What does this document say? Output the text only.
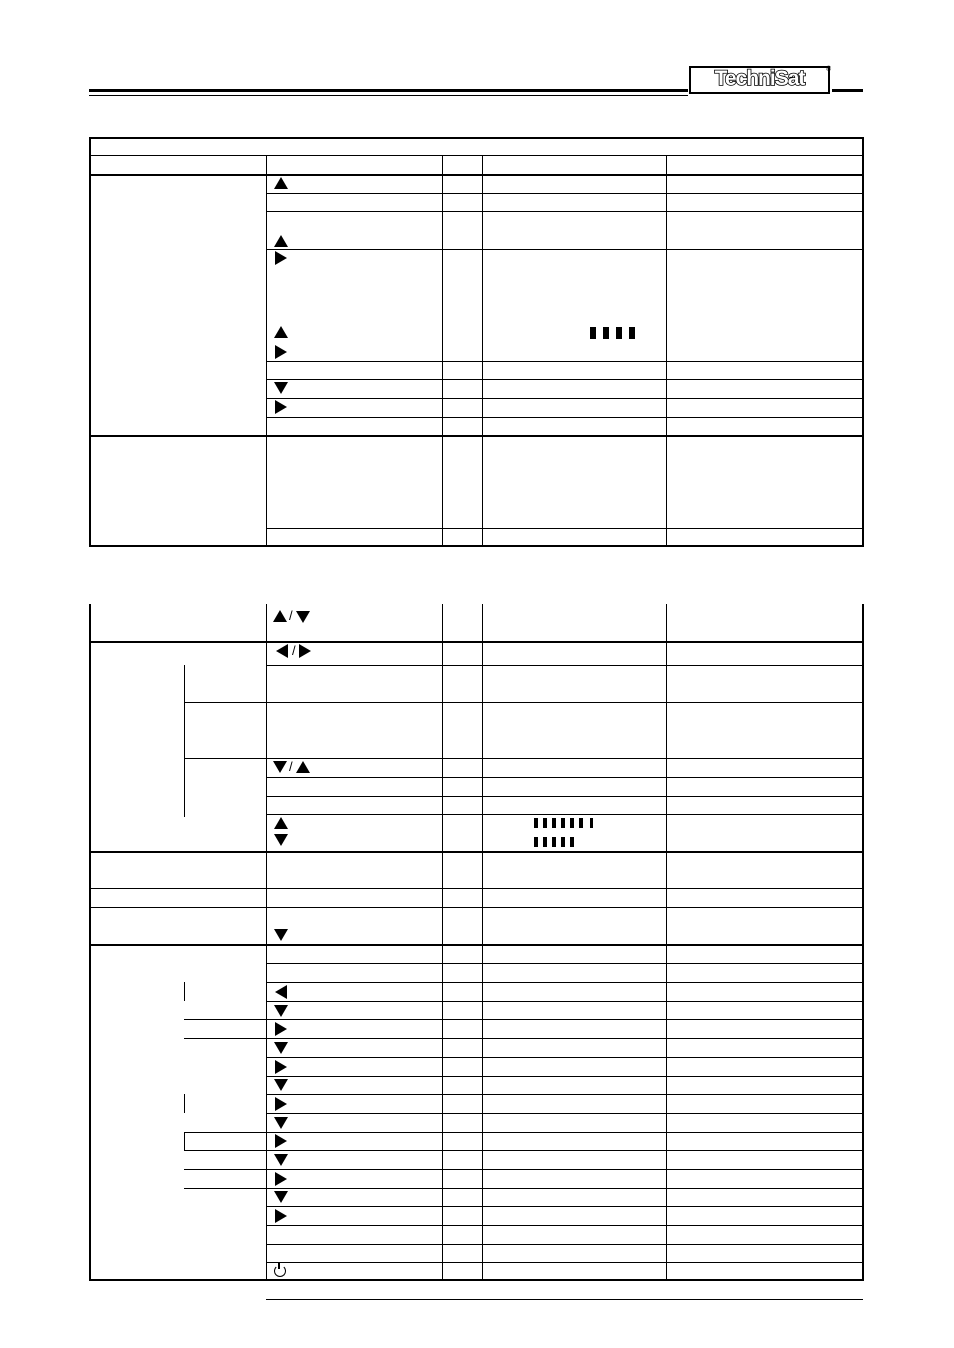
TechniSat	®
/
/
/
